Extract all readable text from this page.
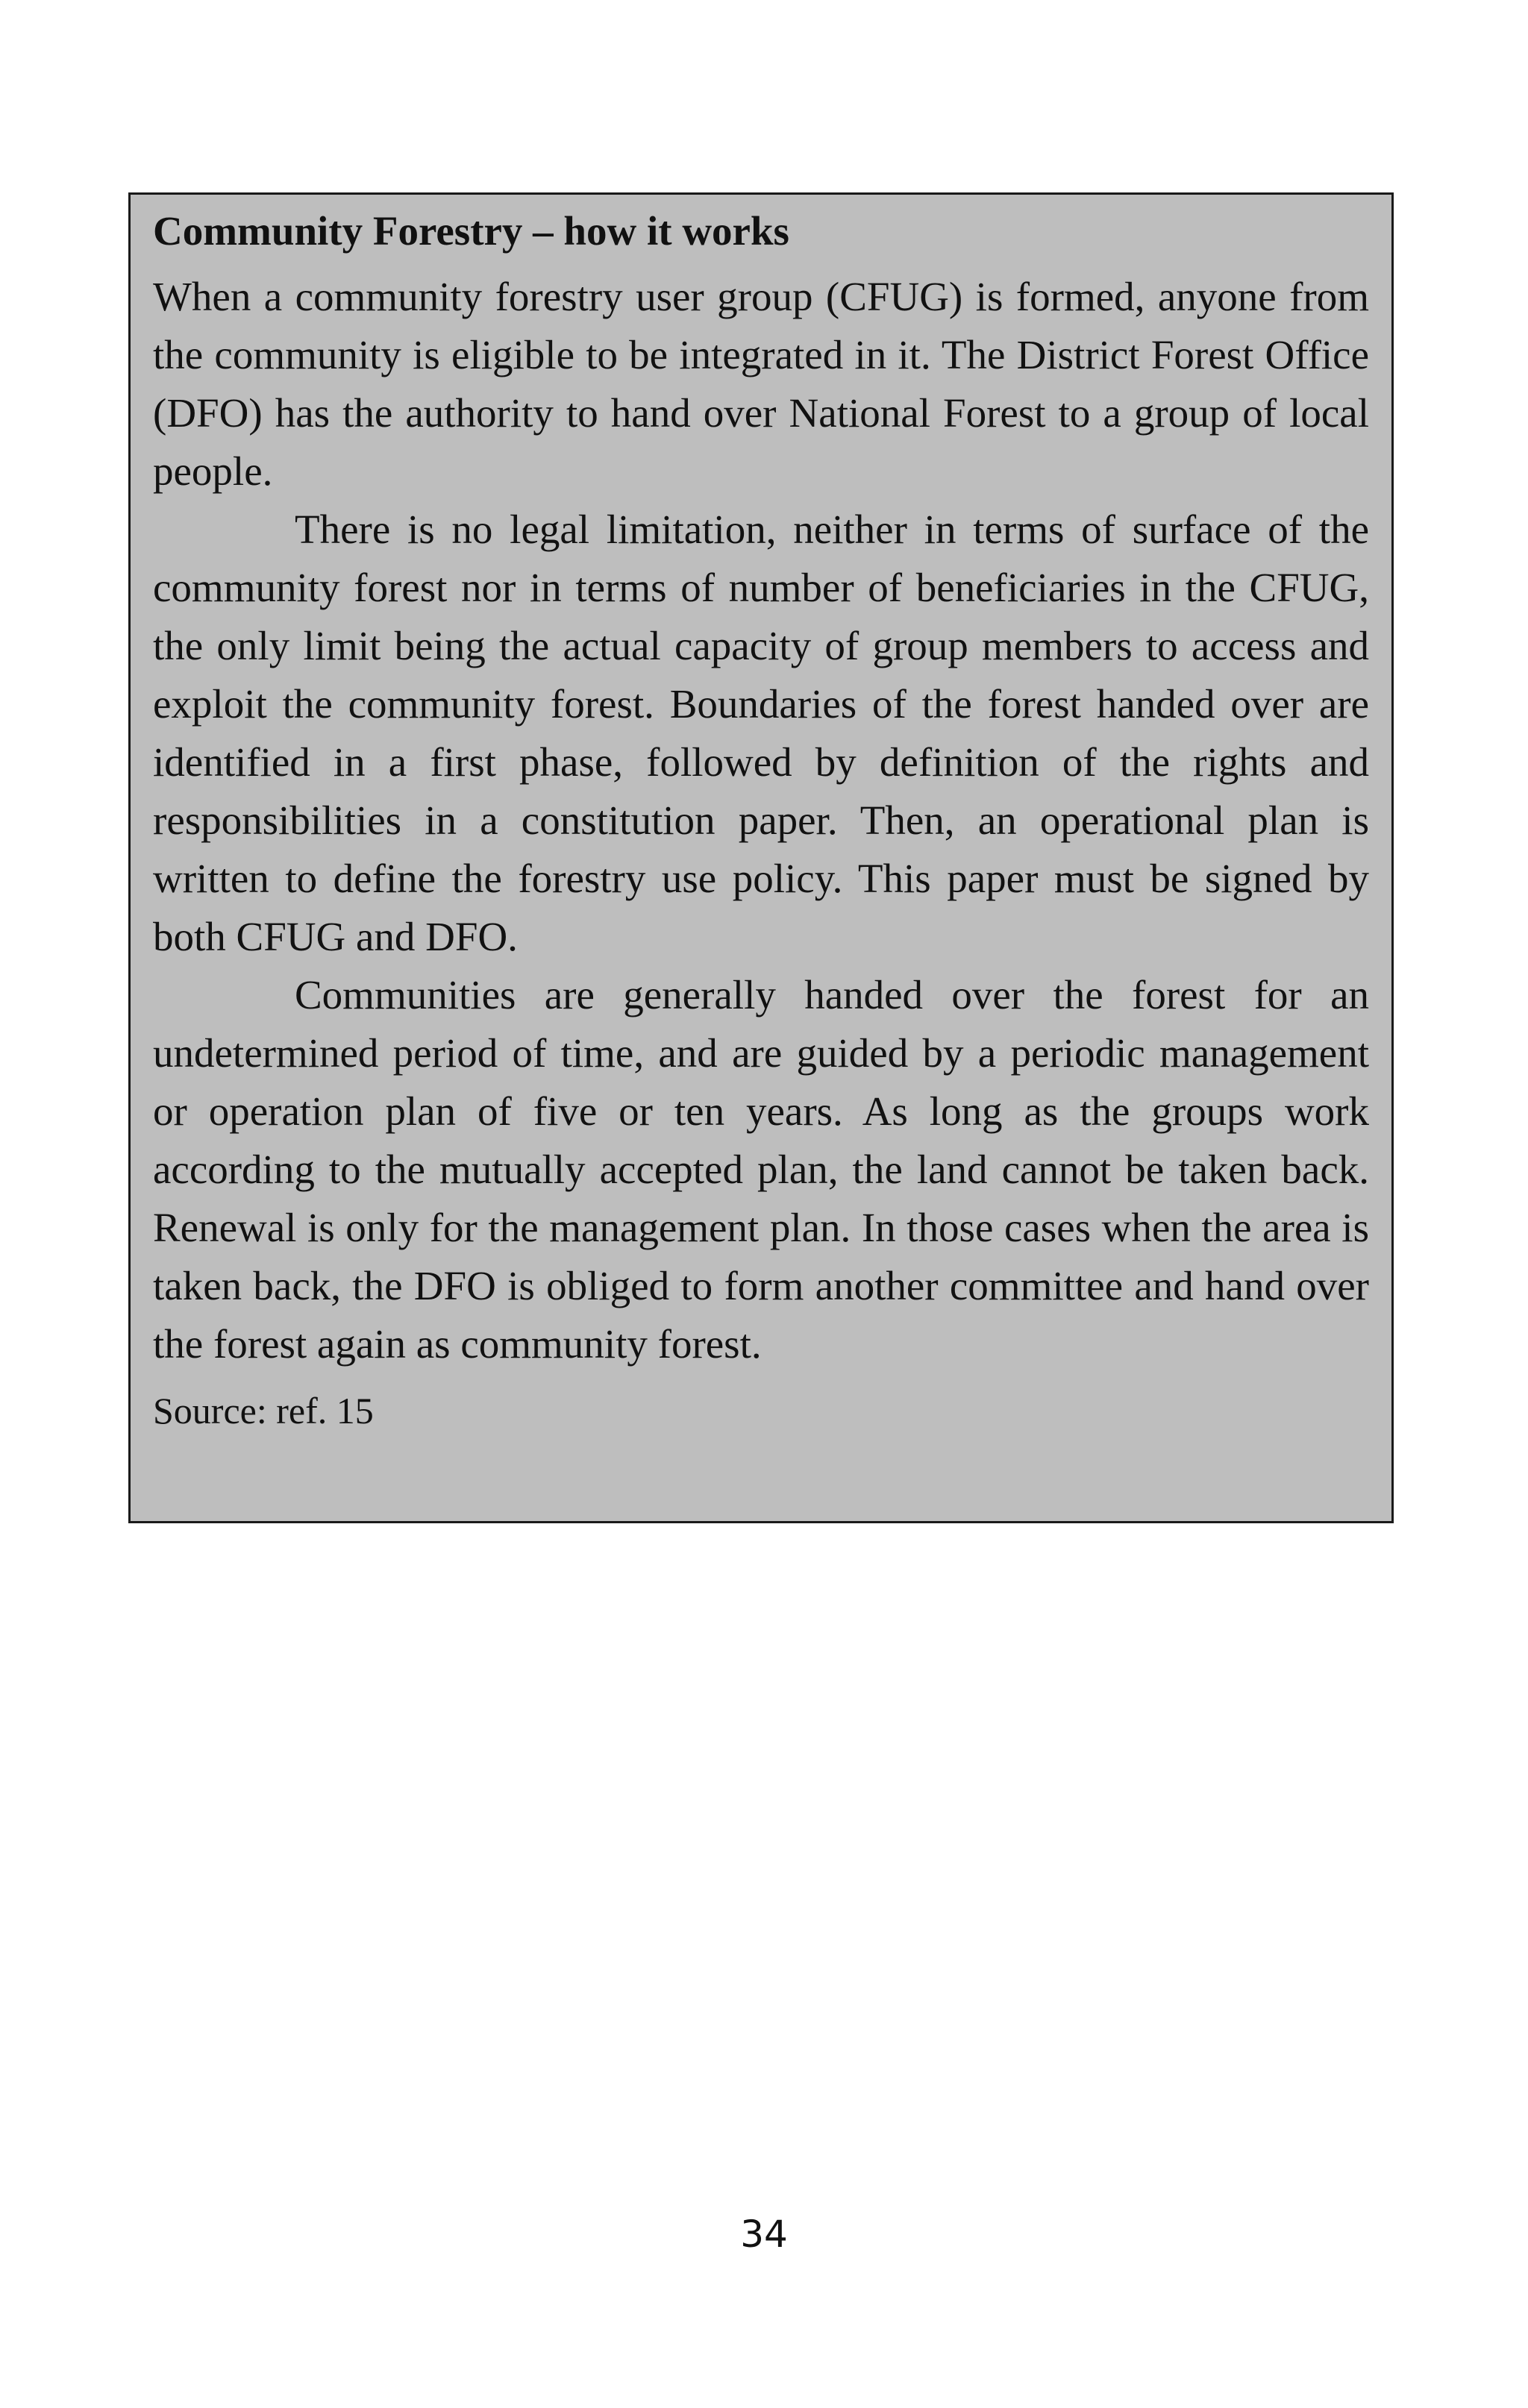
Community Forestry – how it works

When a community forestry user group (CFUG) is formed, anyone from the community is eligible to be integrated in it. The District Forest Office (DFO) has the authority to hand over National Forest to a group of local people.

There is no legal limitation, neither in terms of surface of the community forest nor in terms of number of beneficiaries in the CFUG, the only limit being the actual capacity of group members to access and exploit the community forest. Boundaries of the forest handed over are identified in a first phase, followed by definition of the rights and responsibilities in a constitution paper. Then, an operational plan is written to define the forestry use policy. This paper must be signed by both CFUG and DFO.

Communities are generally handed over the forest for an undetermined period of time, and are guided by a periodic management or operation plan of five or ten years. As long as the groups work according to the mutually accepted plan, the land cannot be taken back. Renewal is only for the management plan. In those cases when the area is taken back, the DFO is obliged to form another committee and hand over the forest again as community forest.

Source: ref. 15
34
